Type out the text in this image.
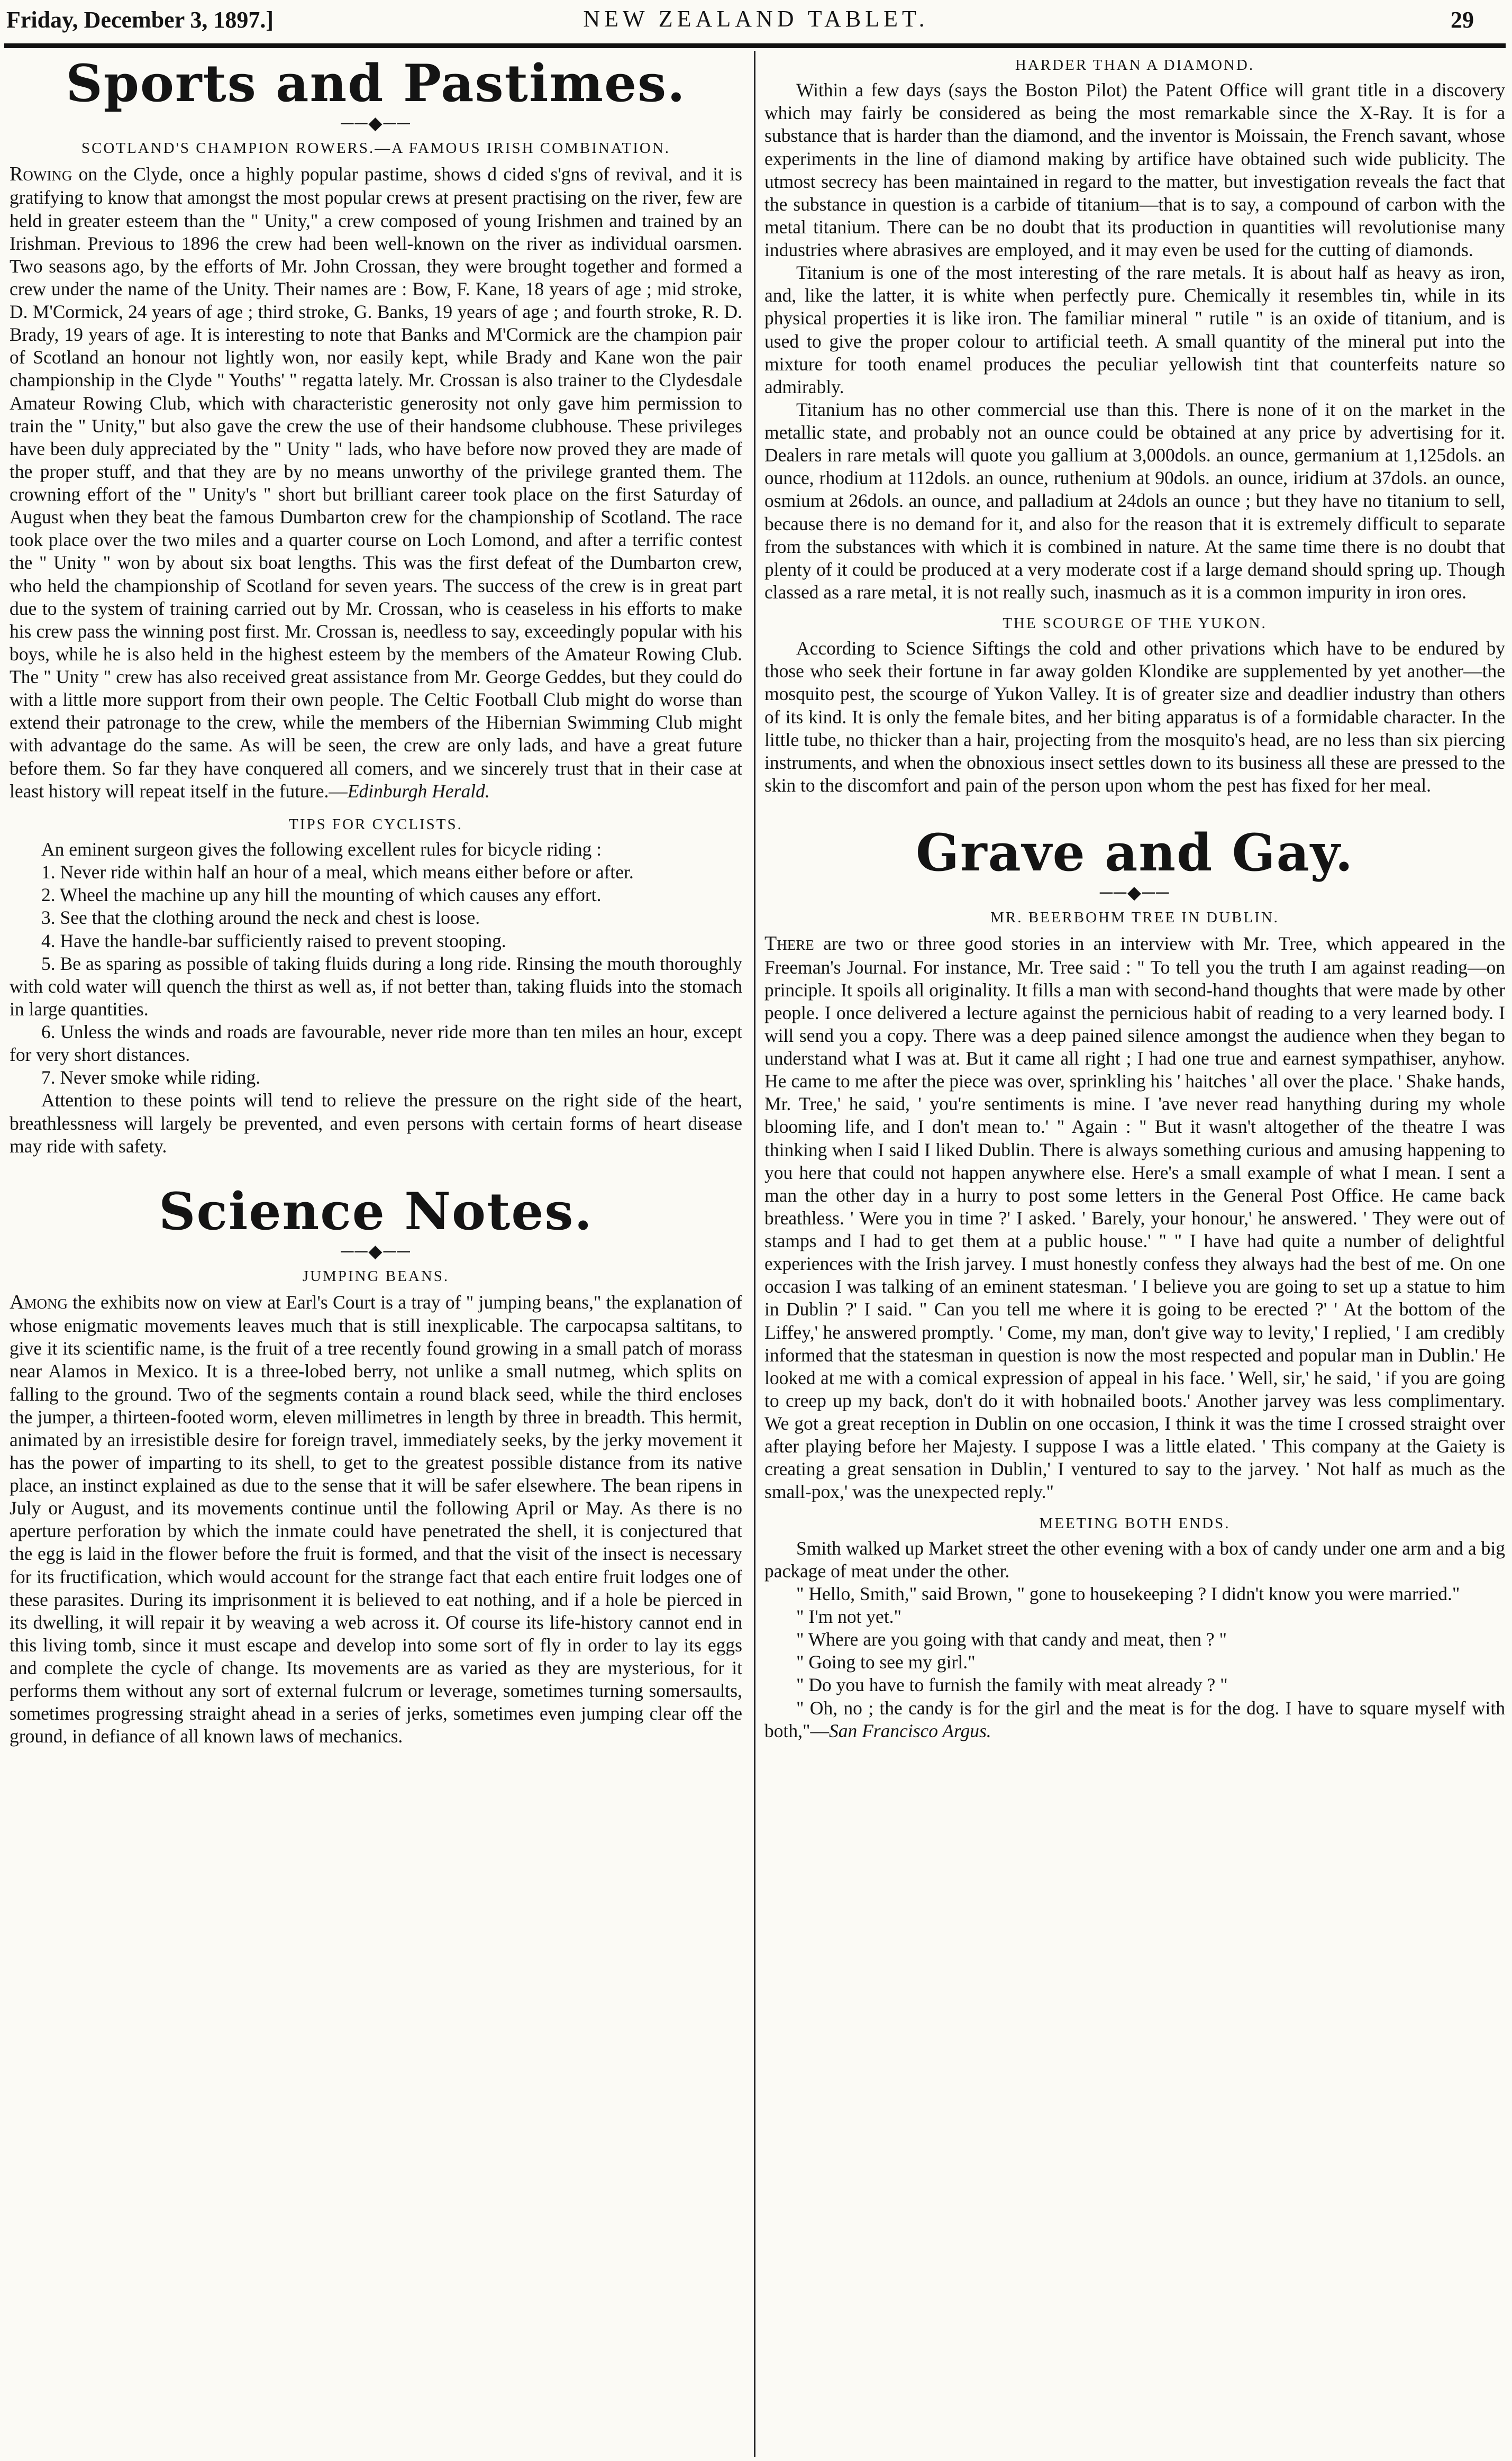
Friday, December 3, 1897.]	NEW ZEALAND TABLET.	29
Sports and Pastimes.
──◆──
SCOTLAND'S CHAMPION ROWERS.—A FAMOUS IRISH COMBINATION.

Rowing on the Clyde, once a highly popular pastime, shows d cided s'gns of revival, and it is gratifying to know that amongst the most popular crews at present practising on the river, few are held in greater esteem than the " Unity," a crew composed of young Irishmen and trained by an Irishman. Previous to 1896 the crew had been well-known on the river as individual oarsmen. Two seasons ago, by the efforts of Mr. John Crossan, they were brought together and formed a crew under the name of the Unity. Their names are : Bow, F. Kane, 18 years of age ; mid stroke, D. M'Cormick, 24 years of age ; third stroke, G. Banks, 19 years of age ; and fourth stroke, R. D. Brady, 19 years of age. It is interesting to note that Banks and M'Cormick are the champion pair of Scotland an honour not lightly won, nor easily kept, while Brady and Kane won the pair championship in the Clyde " Youths' " regatta lately. Mr. Crossan is also trainer to the Clydesdale Amateur Rowing Club, which with characteristic generosity not only gave him permission to train the " Unity," but also gave the crew the use of their handsome clubhouse. These privileges have been duly appreciated by the " Unity " lads, who have before now proved they are made of the proper stuff, and that they are by no means unworthy of the privilege granted them. The crowning effort of the " Unity's " short but brilliant career took place on the first Saturday of August when they beat the famous Dumbarton crew for the championship of Scotland. The race took place over the two miles and a quarter course on Loch Lomond, and after a terrific contest the " Unity " won by about six boat lengths. This was the first defeat of the Dumbarton crew, who held the championship of Scotland for seven years. The success of the crew is in great part due to the system of training carried out by Mr. Crossan, who is ceaseless in his efforts to make his crew pass the winning post first. Mr. Crossan is, needless to say, exceedingly popular with his boys, while he is also held in the highest esteem by the members of the Amateur Rowing Club. The " Unity " crew has also received great assistance from Mr. George Geddes, but they could do with a little more support from their own people. The Celtic Football Club might do worse than extend their patronage to the crew, while the members of the Hibernian Swimming Club might with advantage do the same. As will be seen, the crew are only lads, and have a great future before them. So far they have conquered all comers, and we sincerely trust that in their case at least history will repeat itself in the future.—Edinburgh Herald.

TIPS FOR CYCLISTS.

An eminent surgeon gives the following excellent rules for bicycle riding :

1. Never ride within half an hour of a meal, which means either before or after.

2. Wheel the machine up any hill the mounting of which causes any effort.

3. See that the clothing around the neck and chest is loose.

4. Have the handle-bar sufficiently raised to prevent stooping.

5. Be as sparing as possible of taking fluids during a long ride. Rinsing the mouth thoroughly with cold water will quench the thirst as well as, if not better than, taking fluids into the stomach in large quantities.

6. Unless the winds and roads are favourable, never ride more than ten miles an hour, except for very short distances.

7. Never smoke while riding.

Attention to these points will tend to relieve the pressure on the right side of the heart, breathlessness will largely be prevented, and even persons with certain forms of heart disease may ride with safety.

Science Notes.
──◆──
JUMPING BEANS.

Among the exhibits now on view at Earl's Court is a tray of " jumping beans," the explanation of whose enigmatic movements leaves much that is still inexplicable. The carpocapsa saltitans, to give it its scientific name, is the fruit of a tree recently found growing in a small patch of morass near Alamos in Mexico. It is a three-lobed berry, not unlike a small nutmeg, which splits on falling to the ground. Two of the segments contain a round black seed, while the third encloses the jumper, a thirteen-footed worm, eleven millimetres in length by three in breadth. This hermit, animated by an irresistible desire for foreign travel, immediately seeks, by the jerky movement it has the power of imparting to its shell, to get to the greatest possible distance from its native place, an instinct explained as due to the sense that it will be safer elsewhere. The bean ripens in July or August, and its movements continue until the following April or May. As there is no aperture perforation by which the inmate could have penetrated the shell, it is conjectured that the egg is laid in the flower before the fruit is formed, and that the visit of the insect is necessary for its fructification, which would account for the strange fact that each entire fruit lodges one of these parasites. During its imprisonment it is believed to eat nothing, and if a hole be pierced in its dwelling, it will repair it by weaving a web across it. Of course its life-history cannot end in this living tomb, since it must escape and develop into some sort of fly in order to lay its eggs and complete the cycle of change. Its movements are as varied as they are mysterious, for it performs them without any sort of external fulcrum or leverage, sometimes turning somersaults, sometimes progressing straight ahead in a series of jerks, sometimes even jumping clear off the ground, in defiance of all known laws of mechanics.

HARDER THAN A DIAMOND.

Within a few days (says the Boston Pilot) the Patent Office will grant title in a discovery which may fairly be considered as being the most remarkable since the X-Ray. It is for a substance that is harder than the diamond, and the inventor is Moissain, the French savant, whose experiments in the line of diamond making by artifice have obtained such wide publicity. The utmost secrecy has been maintained in regard to the matter, but investigation reveals the fact that the substance in question is a carbide of titanium—that is to say, a compound of carbon with the metal titanium. There can be no doubt that its production in quantities will revolutionise many industries where abrasives are employed, and it may even be used for the cutting of diamonds.

Titanium is one of the most interesting of the rare metals. It is about half as heavy as iron, and, like the latter, it is white when perfectly pure. Chemically it resembles tin, while in its physical properties it is like iron. The familiar mineral " rutile " is an oxide of titanium, and is used to give the proper colour to artificial teeth. A small quantity of the mineral put into the mixture for tooth enamel produces the peculiar yellowish tint that counterfeits nature so admirably.

Titanium has no other commercial use than this. There is none of it on the market in the metallic state, and probably not an ounce could be obtained at any price by advertising for it. Dealers in rare metals will quote you gallium at 3,000dols. an ounce, germanium at 1,125dols. an ounce, rhodium at 112dols. an ounce, ruthenium at 90dols. an ounce, iridium at 37dols. an ounce, osmium at 26dols. an ounce, and palladium at 24dols an ounce ; but they have no titanium to sell, because there is no demand for it, and also for the reason that it is extremely difficult to separate from the substances with which it is combined in nature. At the same time there is no doubt that plenty of it could be produced at a very moderate cost if a large demand should spring up. Though classed as a rare metal, it is not really such, inasmuch as it is a common impurity in iron ores.

THE SCOURGE OF THE YUKON.

According to Science Siftings the cold and other privations which have to be endured by those who seek their fortune in far away golden Klondike are supplemented by yet another—the mosquito pest, the scourge of Yukon Valley. It is of greater size and deadlier industry than others of its kind. It is only the female bites, and her biting apparatus is of a formidable character. In the little tube, no thicker than a hair, projecting from the mosquito's head, are no less than six piercing instruments, and when the obnoxious insect settles down to its business all these are pressed to the skin to the discomfort and pain of the person upon whom the pest has fixed for her meal.

Grave and Gay.
──◆──
MR. BEERBOHM TREE IN DUBLIN.

There are two or three good stories in an interview with Mr. Tree, which appeared in the Freeman's Journal. For instance, Mr. Tree said : " To tell you the truth I am against reading—on principle. It spoils all originality. It fills a man with second-hand thoughts that were made by other people. I once delivered a lecture against the pernicious habit of reading to a very learned body. I will send you a copy. There was a deep pained silence amongst the audience when they began to understand what I was at. But it came all right ; I had one true and earnest sympathiser, anyhow. He came to me after the piece was over, sprinkling his ' haitches ' all over the place. ' Shake hands, Mr. Tree,' he said, ' you're sentiments is mine. I 'ave never read hanything during my whole blooming life, and I don't mean to.' " Again : " But it wasn't altogether of the theatre I was thinking when I said I liked Dublin. There is always something curious and amusing happening to you here that could not happen anywhere else. Here's a small example of what I mean. I sent a man the other day in a hurry to post some letters in the General Post Office. He came back breathless. ' Were you in time ?' I asked. ' Barely, your honour,' he answered. ' They were out of stamps and I had to get them at a public house.' " " I have had quite a number of delightful experiences with the Irish jarvey. I must honestly confess they always had the best of me. On one occasion I was talking of an eminent statesman. ' I believe you are going to set up a statue to him in Dublin ?' I said. " Can you tell me where it is going to be erected ?' ' At the bottom of the Liffey,' he answered promptly. ' Come, my man, don't give way to levity,' I replied, ' I am credibly informed that the statesman in question is now the most respected and popular man in Dublin.' He looked at me with a comical expression of appeal in his face. ' Well, sir,' he said, ' if you are going to creep up my back, don't do it with hobnailed boots.' Another jarvey was less complimentary. We got a great reception in Dublin on one occasion, I think it was the time I crossed straight over after playing before her Majesty. I suppose I was a little elated. ' This company at the Gaiety is creating a great sensation in Dublin,' I ventured to say to the jarvey. ' Not half as much as the small-pox,' was the unexpected reply."

MEETING BOTH ENDS.

Smith walked up Market street the other evening with a box of candy under one arm and a big package of meat under the other.

" Hello, Smith," said Brown, " gone to housekeeping ? I didn't know you were married."

" I'm not yet."

" Where are you going with that candy and meat, then ? "

" Going to see my girl."

" Do you have to furnish the family with meat already ? "

" Oh, no ; the candy is for the girl and the meat is for the dog. I have to square myself with both,"—San Francisco Argus.
